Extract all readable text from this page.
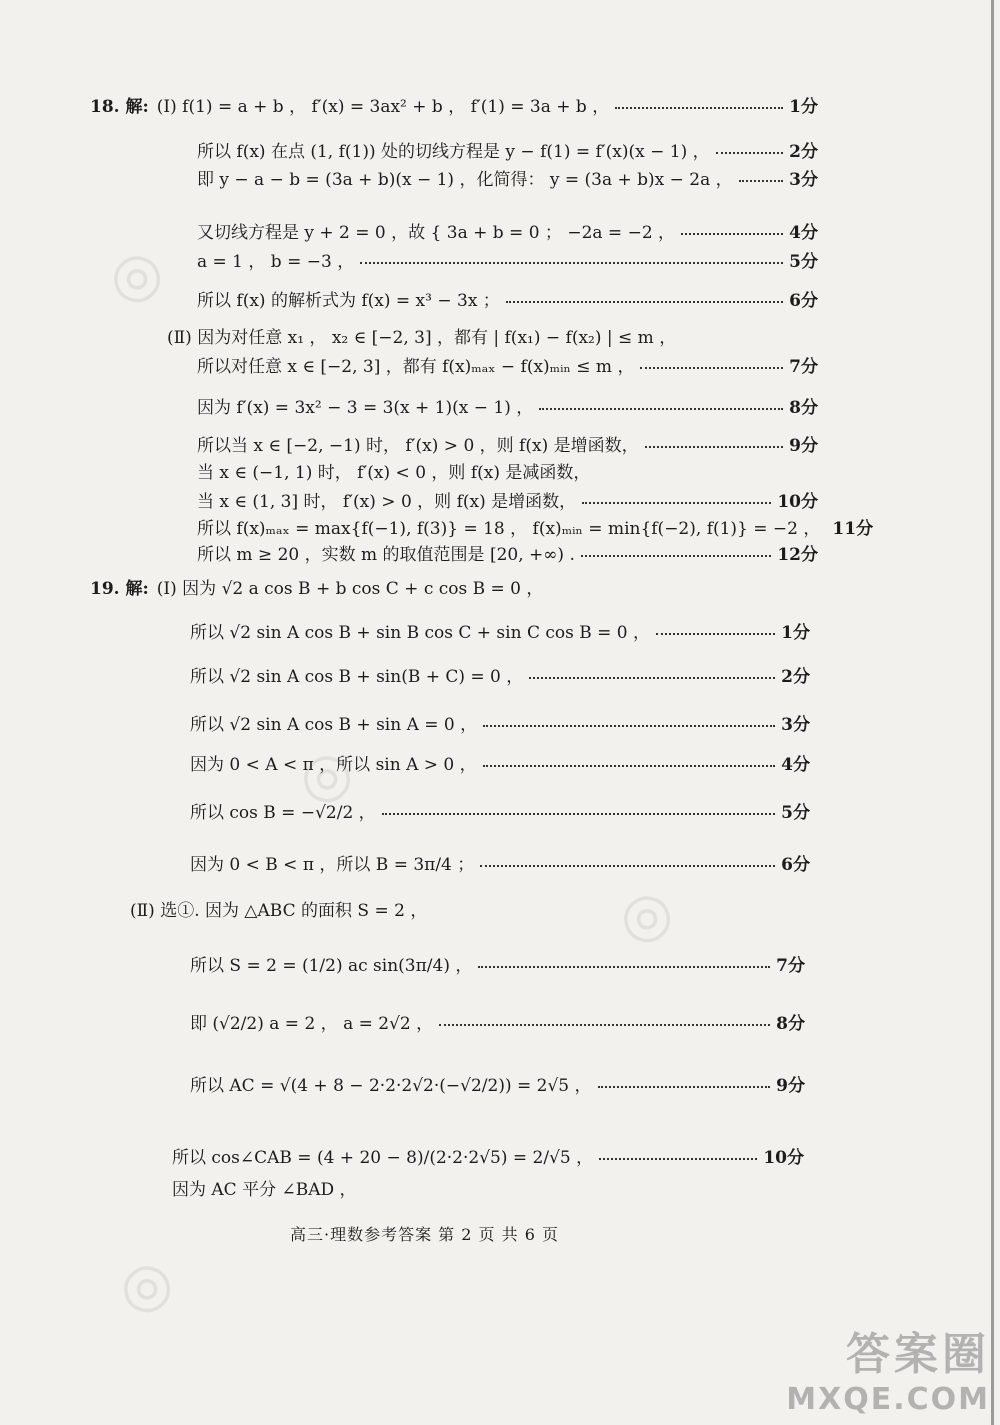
◎
◎
◎
◎
18. 解: (Ⅰ) f(1) = a + b ， f′(x) = 3ax² + b ， f′(1) = 3a + b ，	1分
所以 f(x) 在点 (1, f(1)) 处的切线方程是 y − f(1) = f′(x)(x − 1) ，	2分
即 y − a − b = (3a + b)(x − 1) ，化简得： y = (3a + b)x − 2a ，	3分
又切线方程是 y + 2 = 0 ，故 { 3a + b = 0 ； −2a = −2 ，	4分
a = 1 ， b = −3 ，	5分
所以 f(x) 的解析式为 f(x) = x³ − 3x ；	6分
(Ⅱ) 因为对任意 x₁ ， x₂ ∈ [−2, 3] ，都有 | f(x₁) − f(x₂) | ≤ m ，
所以对任意 x ∈ [−2, 3] ，都有 f(x)ₘₐₓ − f(x)ₘᵢₙ ≤ m ，	7分
因为 f′(x) = 3x² − 3 = 3(x + 1)(x − 1) ，	8分
所以当 x ∈ [−2, −1) 时， f′(x) > 0 ，则 f(x) 是增函数，	9分
当 x ∈ (−1, 1) 时， f′(x) < 0 ，则 f(x) 是减函数，
当 x ∈ (1, 3] 时， f′(x) > 0 ，则 f(x) 是增函数，	10分
所以 f(x)ₘₐₓ = max{f(−1), f(3)} = 18 ， f(x)ₘᵢₙ = min{f(−2), f(1)} = −2 ， 11分
所以 m ≥ 20 ，实数 m 的取值范围是 [20, +∞) .	12分
19. 解: (Ⅰ) 因为 √2 a cos B + b cos C + c cos B = 0 ，
所以 √2 sin A cos B + sin B cos C + sin C cos B = 0 ，	1分
所以 √2 sin A cos B + sin(B + C) = 0 ，	2分
所以 √2 sin A cos B + sin A = 0 ，	3分
因为 0 < A < π ，所以 sin A > 0 ，	4分
所以 cos B = −√2/2 ，	5分
因为 0 < B < π ，所以 B = 3π/4 ；	6分
(Ⅱ) 选①. 因为 △ABC 的面积 S = 2 ，
所以 S = 2 = (1/2) ac sin(3π/4) ，	7分
即 (√2/2) a = 2 ， a = 2√2 ，	8分
所以 AC = √(4 + 8 − 2·2·2√2·(−√2/2)) = 2√5 ，	9分
所以 cos∠CAB = (4 + 20 − 8)/(2·2·2√5) = 2/√5 ，	10分
因为 AC 平分 ∠BAD ，
高三·理数参考答案 第 2 页 共 6 页
答案圈
MXQE.COM
